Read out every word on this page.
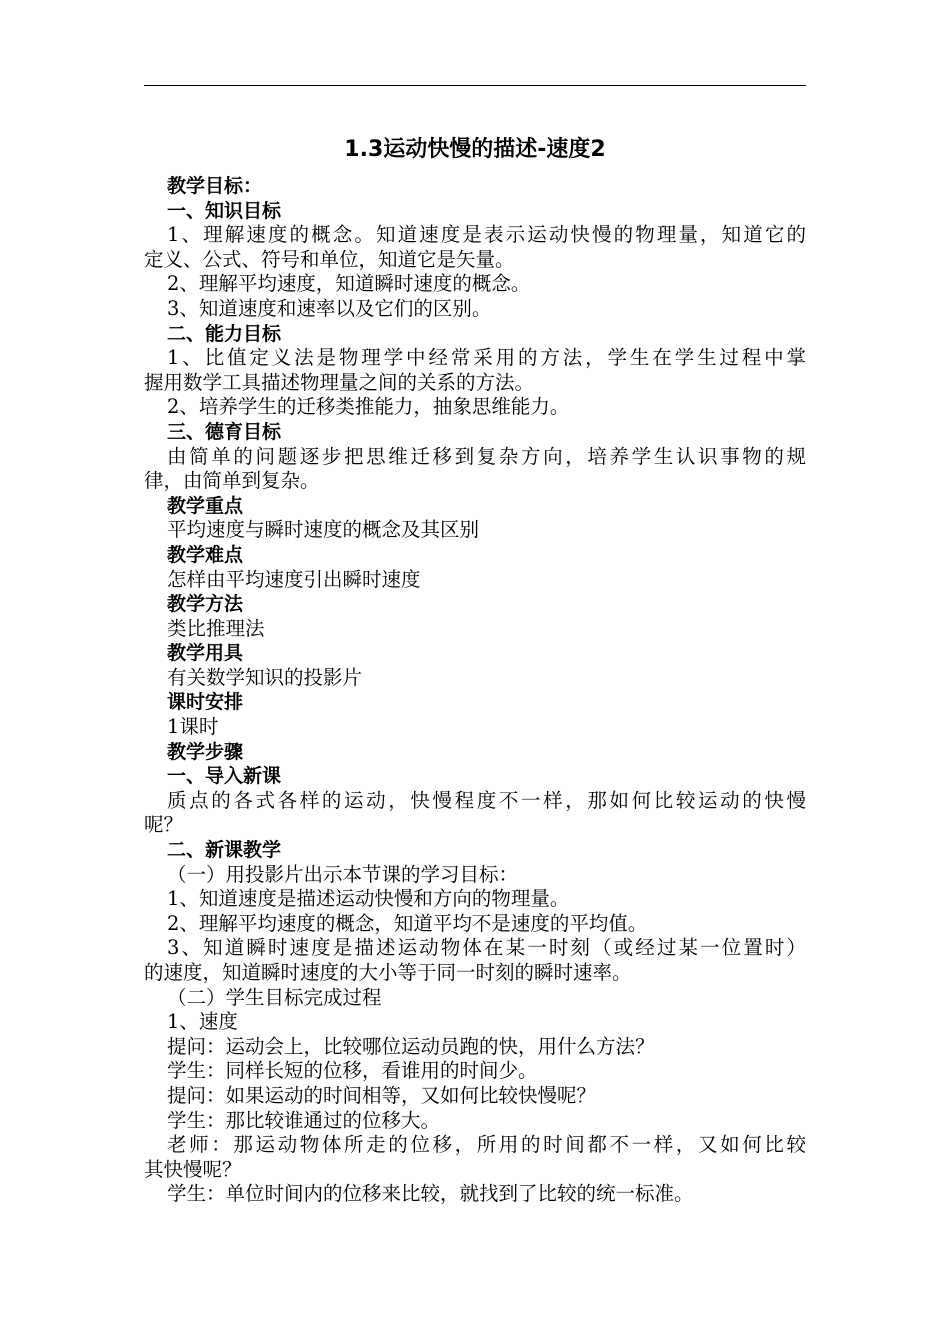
1.3运动快慢的描述-速度2
教学目标：
一、知识目标
1、理解速度的概念。知道速度是表示运动快慢的物理量，知道它的
定义、公式、符号和单位，知道它是矢量。
2、理解平均速度，知道瞬时速度的概念。
3、知道速度和速率以及它们的区别。
二、能力目标
1、比值定义法是物理学中经常采用的方法，学生在学生过程中掌
握用数学工具描述物理量之间的关系的方法。
2、培养学生的迁移类推能力，抽象思维能力。
三、德育目标
由简单的问题逐步把思维迁移到复杂方向，培养学生认识事物的规
律，由简单到复杂。
教学重点
平均速度与瞬时速度的概念及其区别
教学难点
怎样由平均速度引出瞬时速度
教学方法
类比推理法
教学用具
有关数学知识的投影片
课时安排
1课时
教学步骤
一、导入新课
质点的各式各样的运动，快慢程度不一样，那如何比较运动的快慢
呢？
二、新课教学
（一）用投影片出示本节课的学习目标：
1、知道速度是描述运动快慢和方向的物理量。
2、理解平均速度的概念，知道平均不是速度的平均值。
3、知道瞬时速度是描述运动物体在某一时刻（或经过某一位置时）
的速度，知道瞬时速度的大小等于同一时刻的瞬时速率。
（二）学生目标完成过程
1、速度
提问：运动会上，比较哪位运动员跑的快，用什么方法？
学生：同样长短的位移，看谁用的时间少。
提问：如果运动的时间相等，又如何比较快慢呢？
学生：那比较谁通过的位移大。
老师：那运动物体所走的位移，所用的时间都不一样，又如何比较
其快慢呢？
学生：单位时间内的位移来比较，就找到了比较的统一标准。
